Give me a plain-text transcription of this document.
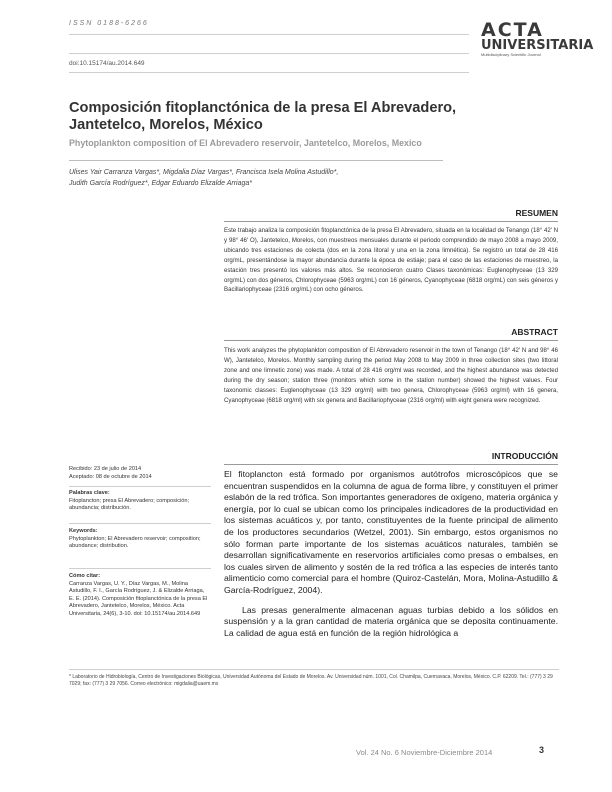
ISSN 0188-6266
doi:10.15174/au.2014.649
ACTA
UNIVERSITARIA
Multidisciplinary Scientific Journal
Composición fitoplanctónica de la presa El Abrevadero, Jantetelco, Morelos, México
Phytoplankton composition of El Abrevadero reservoir, Jantetelco, Morelos, Mexico
Ulises Yair Carranza Vargas*, Migdalia Díaz Vargas*, Francisca Isela Molina Astudillo*,
Judith García Rodríguez*, Edgar Eduardo Elizalde Arriaga*
RESUMEN
Este trabajo analiza la composición fitoplanctónica de la presa El Abrevadero, situada en la localidad de Tenango (18° 42′ N y 98° 46′ O), Jantetelco, Morelos, con muestreos mensuales durante el periodo comprendido de mayo 2008 a mayo 2009, ubicando tres estaciones de colecta (dos en la zona litoral y una en la zona limnética). Se registró un total de 28 416 org/mL, presentándose la mayor abundancia durante la época de estiaje; para el caso de las estaciones de muestreo, la estación tres presentó los valores más altos. Se reconocieron cuatro Clases taxonómicas: Euglenophyceae (13 329 org/mL) con dos géneros, Chlorophyceae (5963 org/mL) con 16 géneros, Cyanophyceae (6818 org/mL) con seis géneros y Bacillariophyceae (2316 org/mL) con ocho géneros.
ABSTRACT
This work analyzes the phytoplankton composition of El Abrevadero reservoir in the town of Tenango (18° 42′ N and 98° 46 W), Jantetelco, Morelos. Monthly sampling during the period May 2008 to May 2009 in three collection sites (two littoral zone and one limnetic zone) was made. A total of 28 416 org/ml was recorded, and the highest abundance was detected during the dry season; station three (monitors which some in the station number) showed the highest values. Four taxonomic classes: Euglenophyceae (13 329 org/ml) with two genera, Chlorophyceae (5963 org/ml) with 16 genera, Cyanophyceae (6818 org/ml) with six genera and Bacillariophyceae (2316 org/ml) with eight genera were recognized.
INTRODUCCIÓN
Recibido: 23 de julio de 2014
Aceptado: 08 de octubre de 2014
Palabras clave:
Fitoplancton; presa El Abrevadero; composición; abundancia; distribución.
Keywords:
Phytoplankton; El Abrevadero reservoir; composition; abundance; distribution.
Cómo citar:
Carranza Vargas, U. Y., Díaz Vargas, M., Molina Astudillo, F. I., García Rodríguez, J. & Elizalde Arriaga, E. E. (2014). Composición fitoplanctónica de la presa El Abrevadero, Jantetelco, Morelos, México. Acta Universitaria, 24(6), 3-10. doi: 10.15174/au.2014.649

El fitoplancton está formado por organismos autótrofos microscópicos que se encuentran suspendidos en la columna de agua de forma libre, y constituyen el primer eslabón de la red trófica. Son importantes generadores de oxígeno, materia orgánica y energía, por lo cual se ubican como los principales indicadores de la productividad en los sistemas acuáticos y, por tanto, constituyentes de la fuente principal de alimento de los productores secundarios (Wetzel, 2001). Sin embargo, estos organismos no sólo forman parte importante de los sistemas acuáticos naturales, también se desarrollan significativamente en reservorios artificiales como presas o embalses, en los cuales sirven de alimento y sostén de la red trófica a las especies de interés tanto alimenticio como comercial para el hombre (Quiroz-Castelán, Mora, Molina-Astudillo & García-Rodríguez, 2004).

Las presas generalmente almacenan aguas turbias debido a los sólidos en suspensión y a la gran cantidad de materia orgánica que se deposita continuamente. La calidad de agua está en función de la región hidrológica a

* Laboratorio de Hidrobiología, Centro de Investigaciones Biológicas, Universidad Autónoma del Estado de Morelos. Av. Universidad núm. 1001, Col. Chamilpa, Cuernavaca, Morelos, México. C.P. 62209. Tel.: (777) 3 29 7029; fax: (777) 3 29 7056. Correo electrónico: migdalia@uaem.mx
Vol. 24 No. 6 Noviembre-Diciembre 2014	3
